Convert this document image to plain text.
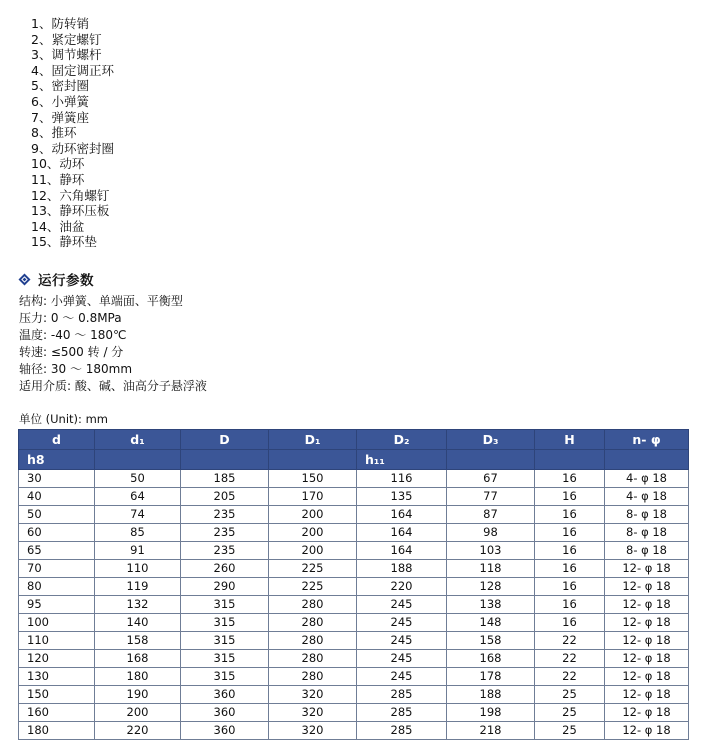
1、防转销
2、紧定螺钉
3、调节螺杆
4、固定调正环
5、密封圈
6、小弹簧
7、弹簧座
8、推环
9、动环密封圈
10、动环
11、静环
12、六角螺钉
13、静环压板
14、油盆
15、静环垫
运行参数
结构: 小弹簧、单端面、平衡型
压力: 0 ～ 0.8MPa
温度: -40 ～ 180℃
转速: ≤500 转 / 分
轴径: 30 ～ 180mm
适用介质: 酸、碱、油高分子悬浮液
单位 (Unit): mm
d	d₁	D	D₁	D₂	D₃	H	n- φ
h8				h₁₁			
30	50	185	150	116	67	16	4- φ 18
40	64	205	170	135	77	16	4- φ 18
50	74	235	200	164	87	16	8- φ 18
60	85	235	200	164	98	16	8- φ 18
65	91	235	200	164	103	16	8- φ 18
70	110	260	225	188	118	16	12- φ 18
80	119	290	225	220	128	16	12- φ 18
95	132	315	280	245	138	16	12- φ 18
100	140	315	280	245	148	16	12- φ 18
110	158	315	280	245	158	22	12- φ 18
120	168	315	280	245	168	22	12- φ 18
130	180	315	280	245	178	22	12- φ 18
150	190	360	320	285	188	25	12- φ 18
160	200	360	320	285	198	25	12- φ 18
180	220	360	320	285	218	25	12- φ 18
